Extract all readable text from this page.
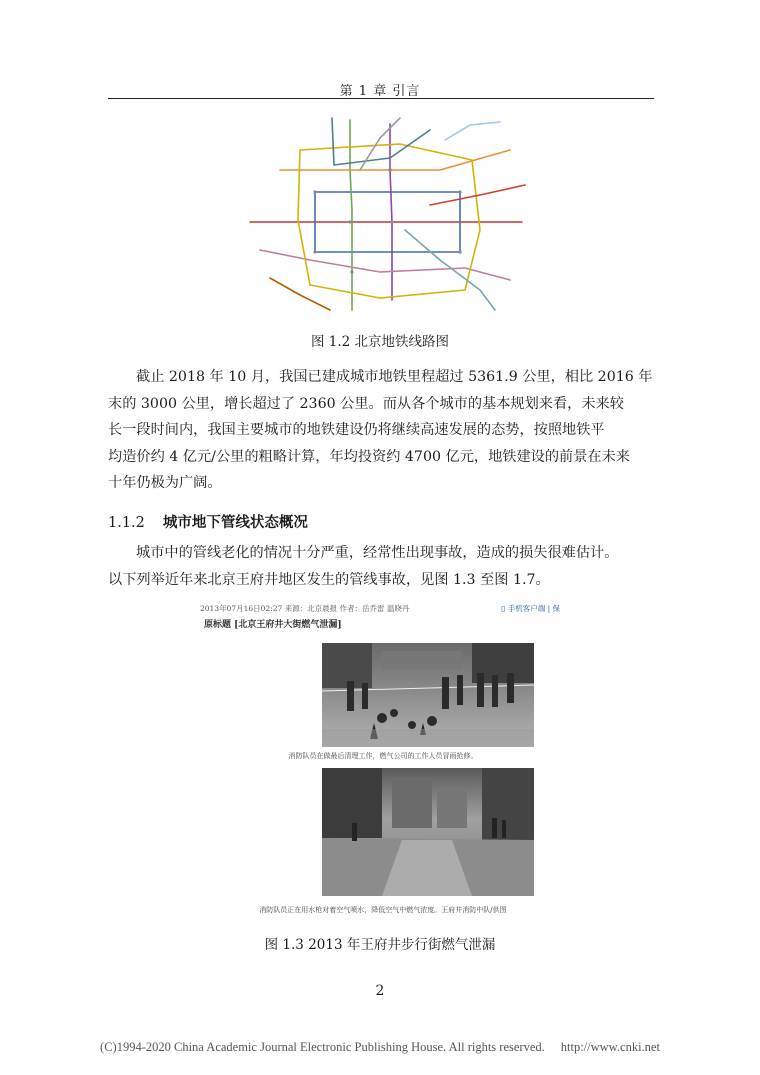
第 1 章 引言
图 1.2 北京地铁线路图
截止 2018 年 10 月，我国已建成城市地铁里程超过 5361.9 公里，相比 2016 年
末的 3000 公里，增长超过了 2360 公里。而从各个城市的基本规划来看，未来较
长一段时间内，我国主要城市的地铁建设仍将继续高速发展的态势，按照地铁平
均造价约 4 亿元/公里的粗略计算，年均投资约 4700 亿元，地铁建设的前景在未来
十年仍极为广阔。
1.1.2 城市地下管线状态概况
城市中的管线老化的情况十分严重，经常性出现事故，造成的损失很难估计。
以下列举近年来北京王府井地区发生的管线事故，见图 1.3 至图 1.7。
2013年07月16日02:27 来源：北京晨报 作者：岳乔雷 温晓丹	▯ 手机客户端 | 保
原标题 [北京王府井大街燃气泄漏]
消防队员在做最后清理工作，燃气公司的工作人员冒雨抢修。
消防队员正在用水枪对着空气喷水，降低空气中燃气浓度。王府井消防中队/供图
图 1.3 2013 年王府井步行街燃气泄漏
2
(C)1994-2020 China Academic Journal Electronic Publishing House. All rights reserved. http://www.cnki.net
